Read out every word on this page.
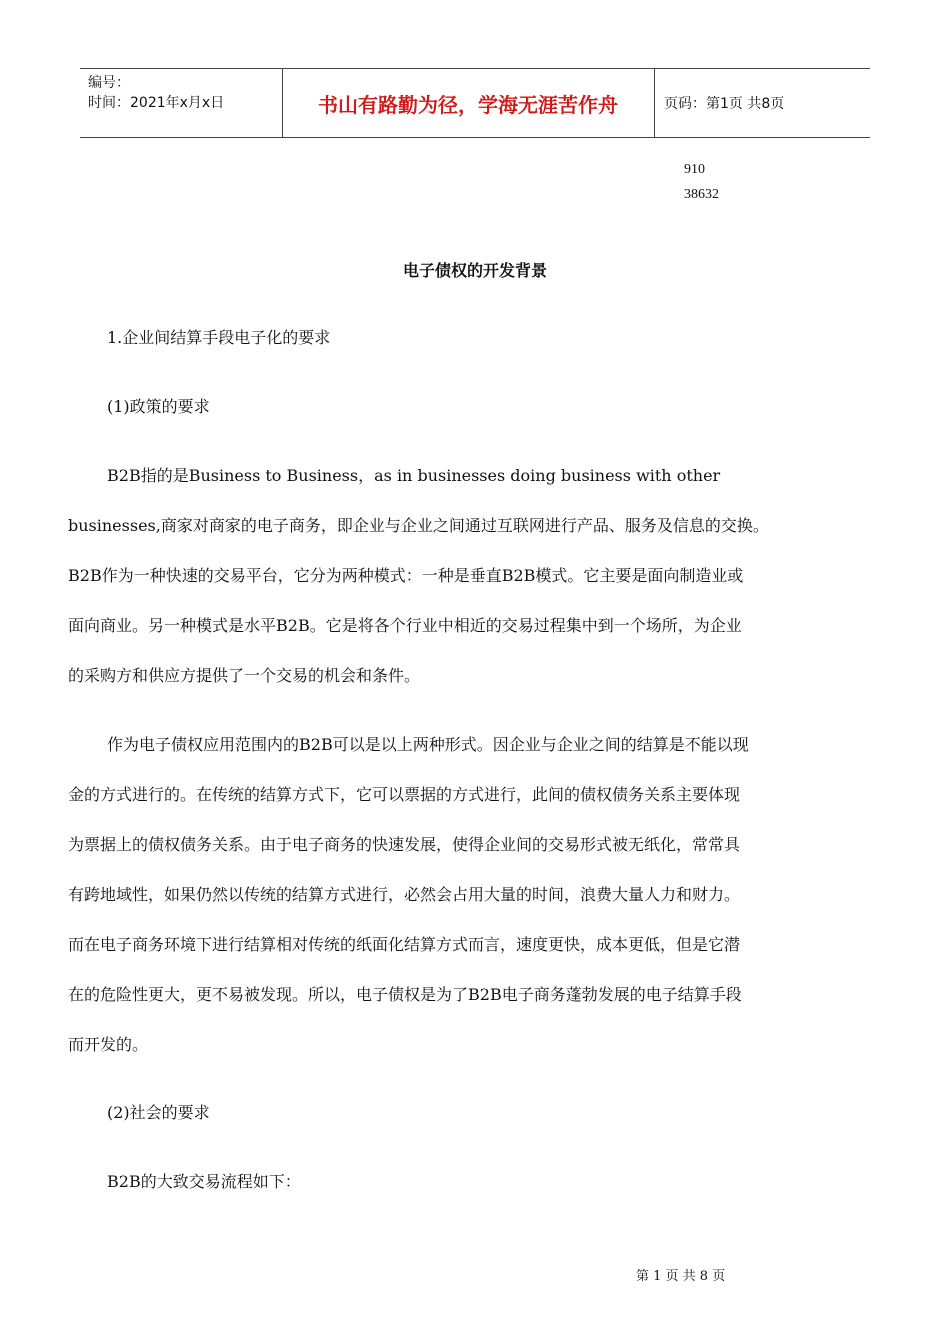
编号：
时间：2021年x月x日	书山有路勤为径，学海无涯苦作舟	页码：第1页 共8页
910
38632
电子债权的开发背景
1.企业间结算手段电子化的要求
(1)政策的要求
B2B指的是Business to Business，as in businesses doing business with other
businesses,商家对商家的电子商务，即企业与企业之间通过互联网进行产品、服务及信息的交换。
B2B作为一种快速的交易平台，它分为两种模式：一种是垂直B2B模式。它主要是面向制造业或
面向商业。另一种模式是水平B2B。它是将各个行业中相近的交易过程集中到一个场所，为企业
的采购方和供应方提供了一个交易的机会和条件。
作为电子债权应用范围内的B2B可以是以上两种形式。因企业与企业之间的结算是不能以现
金的方式进行的。在传统的结算方式下，它可以票据的方式进行，此间的债权债务关系主要体现
为票据上的债权债务关系。由于电子商务的快速发展，使得企业间的交易形式被无纸化，常常具
有跨地域性，如果仍然以传统的结算方式进行，必然会占用大量的时间，浪费大量人力和财力。
而在电子商务环境下进行结算相对传统的纸面化结算方式而言，速度更快，成本更低，但是它潜
在的危险性更大，更不易被发现。所以，电子债权是为了B2B电子商务蓬勃发展的电子结算手段
而开发的。
(2)社会的要求
B2B的大致交易流程如下：
第 1 页 共 8 页
